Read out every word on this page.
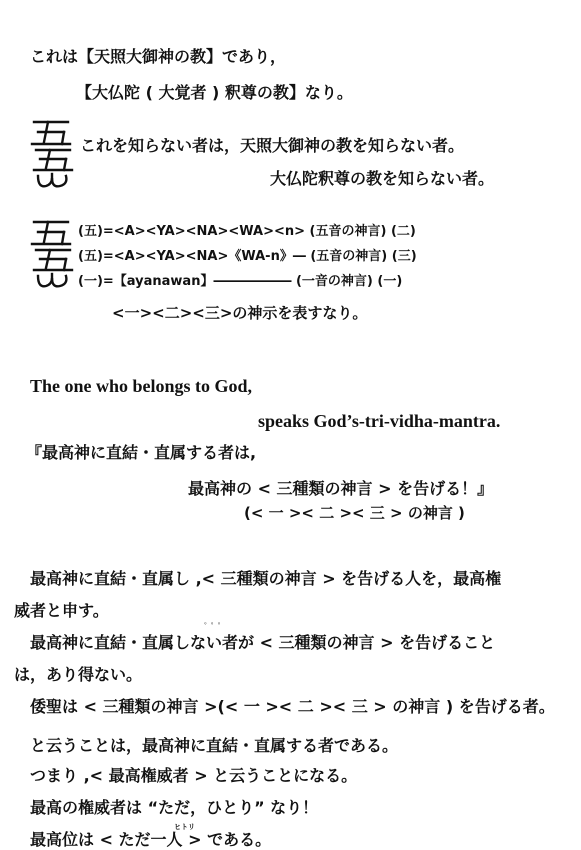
これは【天照大御神の教】であり，
【大仏陀 ( 大覚者 ) 釈尊の教】なり。
これを知らない者は，天照大御神の教を知らない者。
大仏陀釈尊の教を知らない者。
(五)=<A><YA><NA><WA><n> (五音の神言) (二)
(五)=<A><YA><NA>《WA-n》― (五音の神言) (三)
(一)=【ayanawan】―――――― (一音の神言) (一)
<一><二><三>の神示を表すなり。
The one who belongs to God,
speaks God’s-tri-vidha-mantra.
『最高神に直結・直属する者は,
最高神の < 三種類の神言 > を告げる！』
(< 一 >< 二 >< 三 > の神言 )
最高神に直結・直属し ,< 三種類の神言 > を告げる人を，最高権
威者と申す。
ﾟ ﾟ ﾟ
最高神に直結・直属しない者が < 三種類の神言 > を告げること
は，あり得ない。
倭聖は < 三種類の神言 >(< 一 >< 二 >< 三 > の神言 ) を告げる者。
と云うことは，最高神に直結・直属する者である。
つまり ,< 最高権威者 > と云うことになる。
最高の権威者は “ただ，ひとり” なり！
ヒトリ
最高位は < ただ一人 > である。
